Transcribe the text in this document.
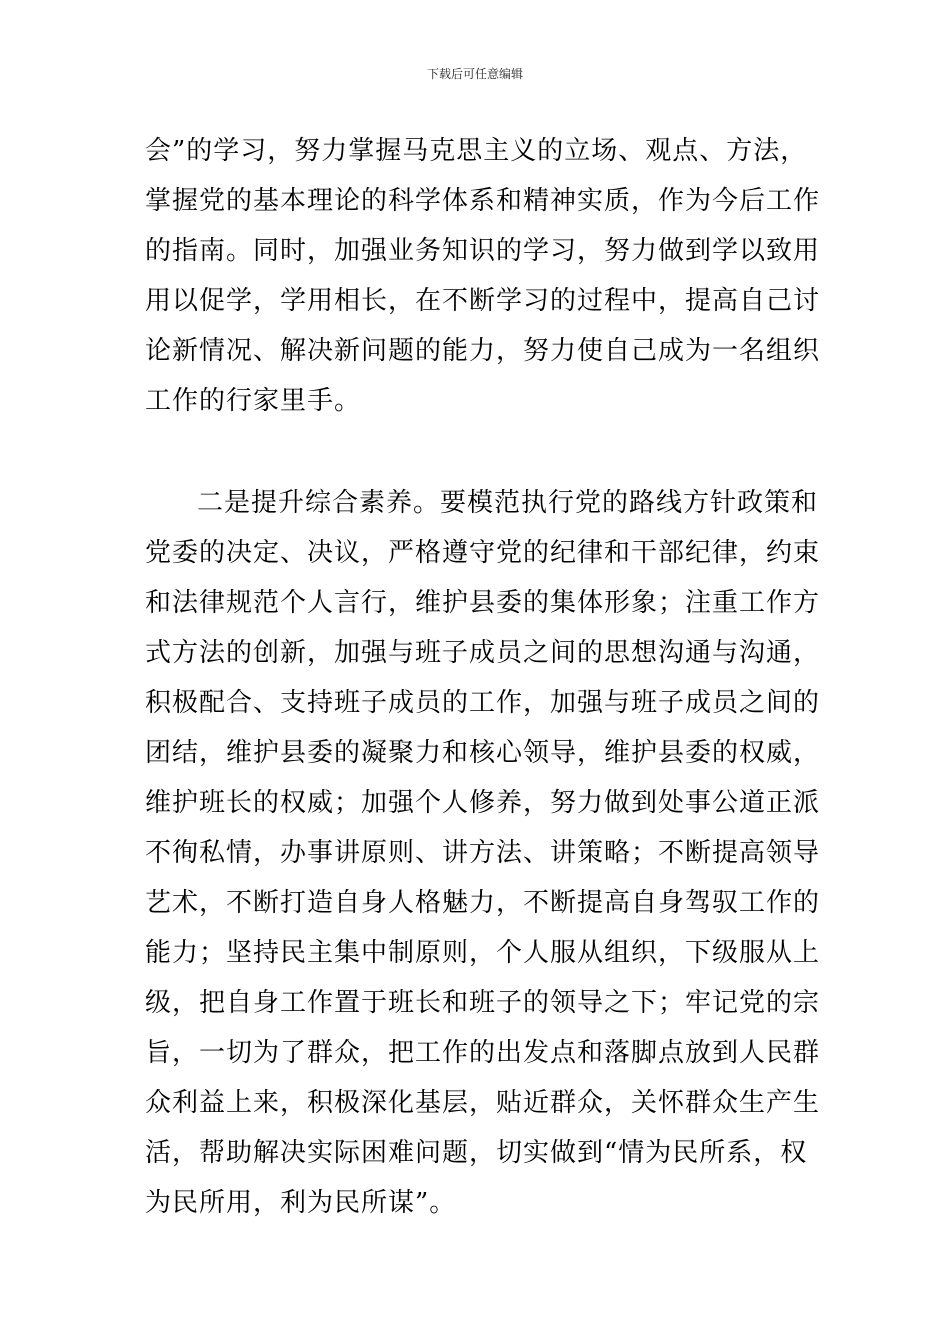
下载后可任意编辑
会”的学习，努力掌握马克思主义的立场、观点、方法，
掌握党的基本理论的科学体系和精神实质，作为今后工作
的指南。同时，加强业务知识的学习，努力做到学以致用
用以促学，学用相长，在不断学习的过程中，提高自己讨
论新情况、解决新问题的能力，努力使自己成为一名组织
工作的行家里手。
二是提升综合素养。要模范执行党的路线方针政策和
党委的决定、决议，严格遵守党的纪律和干部纪律，约束
和法律规范个人言行，维护县委的集体形象；注重工作方
式方法的创新，加强与班子成员之间的思想沟通与沟通，
积极配合、支持班子成员的工作，加强与班子成员之间的
团结，维护县委的凝聚力和核心领导，维护县委的权威，
维护班长的权威；加强个人修养，努力做到处事公道正派
不徇私情，办事讲原则、讲方法、讲策略；不断提高领导
艺术，不断打造自身人格魅力，不断提高自身驾驭工作的
能力；坚持民主集中制原则，个人服从组织，下级服从上
级，把自身工作置于班长和班子的领导之下；牢记党的宗
旨，一切为了群众，把工作的出发点和落脚点放到人民群
众利益上来，积极深化基层，贴近群众，关怀群众生产生
活，帮助解决实际困难问题，切实做到“情为民所系，权
为民所用，利为民所谋”。
